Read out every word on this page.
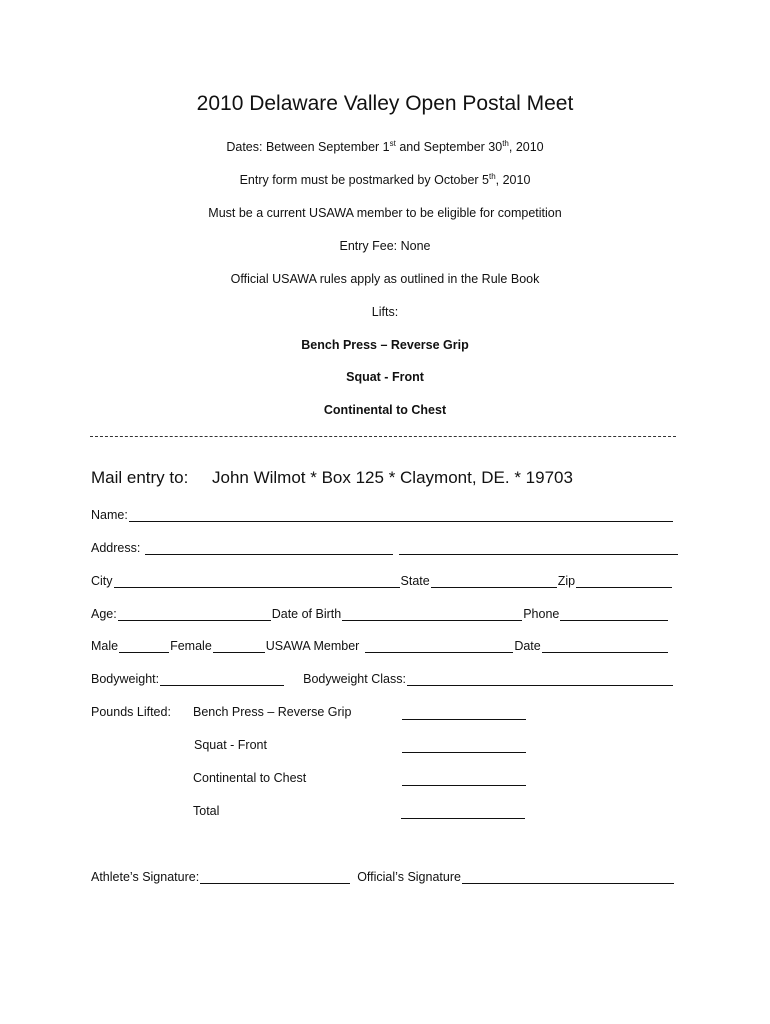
2010 Delaware Valley Open Postal Meet
Dates: Between September 1st and September 30th, 2010
Entry form must be postmarked by October 5th, 2010
Must be a current USAWA member to be eligible for competition
Entry Fee: None
Official USAWA rules apply as outlined in the Rule Book
Lifts:
Bench Press – Reverse Grip
Squat - Front
Continental to Chest
Mail entry to: John Wilmot * Box 125 * Claymont, DE. * 19703
Name:
Address:
City	State	Zip
Age:	Date of Birth	Phone
Male	Female	USAWA Member	Date
Bodyweight:	Bodyweight Class:
Pounds Lifted: Bench Press – Reverse Grip
Squat - Front
Continental to Chest
Total
Athlete’s Signature:	Official’s Signature
